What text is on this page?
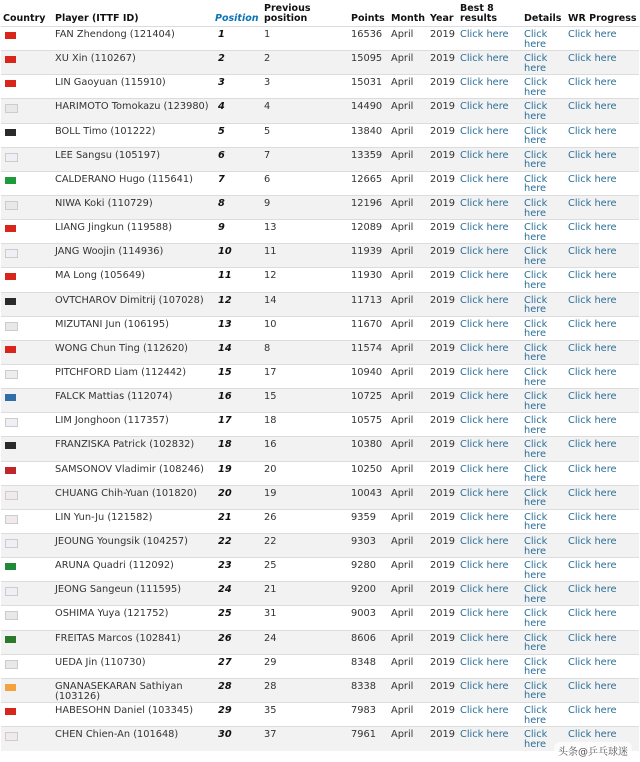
Country	Player (ITTF ID)	Position	Previous position	Points	Month	Year	Best 8 results	Details	WR Progress
	FAN Zhendong (121404)	1	1	16536	April	2019	Click here	Click here	Click here
	XU Xin (110267)	2	2	15095	April	2019	Click here	Click here	Click here
	LIN Gaoyuan (115910)	3	3	15031	April	2019	Click here	Click here	Click here
	HARIMOTO Tomokazu (123980)	4	4	14490	April	2019	Click here	Click here	Click here
	BOLL Timo (101222)	5	5	13840	April	2019	Click here	Click here	Click here
	LEE Sangsu (105197)	6	7	13359	April	2019	Click here	Click here	Click here
	CALDERANO Hugo (115641)	7	6	12665	April	2019	Click here	Click here	Click here
	NIWA Koki (110729)	8	9	12196	April	2019	Click here	Click here	Click here
	LIANG Jingkun (119588)	9	13	12089	April	2019	Click here	Click here	Click here
	JANG Woojin (114936)	10	11	11939	April	2019	Click here	Click here	Click here
	MA Long (105649)	11	12	11930	April	2019	Click here	Click here	Click here
	OVTCHAROV Dimitrij (107028)	12	14	11713	April	2019	Click here	Click here	Click here
	MIZUTANI Jun (106195)	13	10	11670	April	2019	Click here	Click here	Click here
	WONG Chun Ting (112620)	14	8	11574	April	2019	Click here	Click here	Click here
	PITCHFORD Liam (112442)	15	17	10940	April	2019	Click here	Click here	Click here
	FALCK Mattias (112074)	16	15	10725	April	2019	Click here	Click here	Click here
	LIM Jonghoon (117357)	17	18	10575	April	2019	Click here	Click here	Click here
	FRANZISKA Patrick (102832)	18	16	10380	April	2019	Click here	Click here	Click here
	SAMSONOV Vladimir (108246)	19	20	10250	April	2019	Click here	Click here	Click here
	CHUANG Chih-Yuan (101820)	20	19	10043	April	2019	Click here	Click here	Click here
	LIN Yun-Ju (121582)	21	26	9359	April	2019	Click here	Click here	Click here
	JEOUNG Youngsik (104257)	22	22	9303	April	2019	Click here	Click here	Click here
	ARUNA Quadri (112092)	23	25	9280	April	2019	Click here	Click here	Click here
	JEONG Sangeun (111595)	24	21	9200	April	2019	Click here	Click here	Click here
	OSHIMA Yuya (121752)	25	31	9003	April	2019	Click here	Click here	Click here
	FREITAS Marcos (102841)	26	24	8606	April	2019	Click here	Click here	Click here
	UEDA Jin (110730)	27	29	8348	April	2019	Click here	Click here	Click here
	GNANASEKARAN Sathiyan (103126)	28	28	8338	April	2019	Click here	Click here	Click here
	HABESOHN Daniel (103345)	29	35	7983	April	2019	Click here	Click here	Click here
	CHEN Chien-An (101648)	30	37	7961	April	2019	Click here	Click here	Click here
头条@乒乓球迷
